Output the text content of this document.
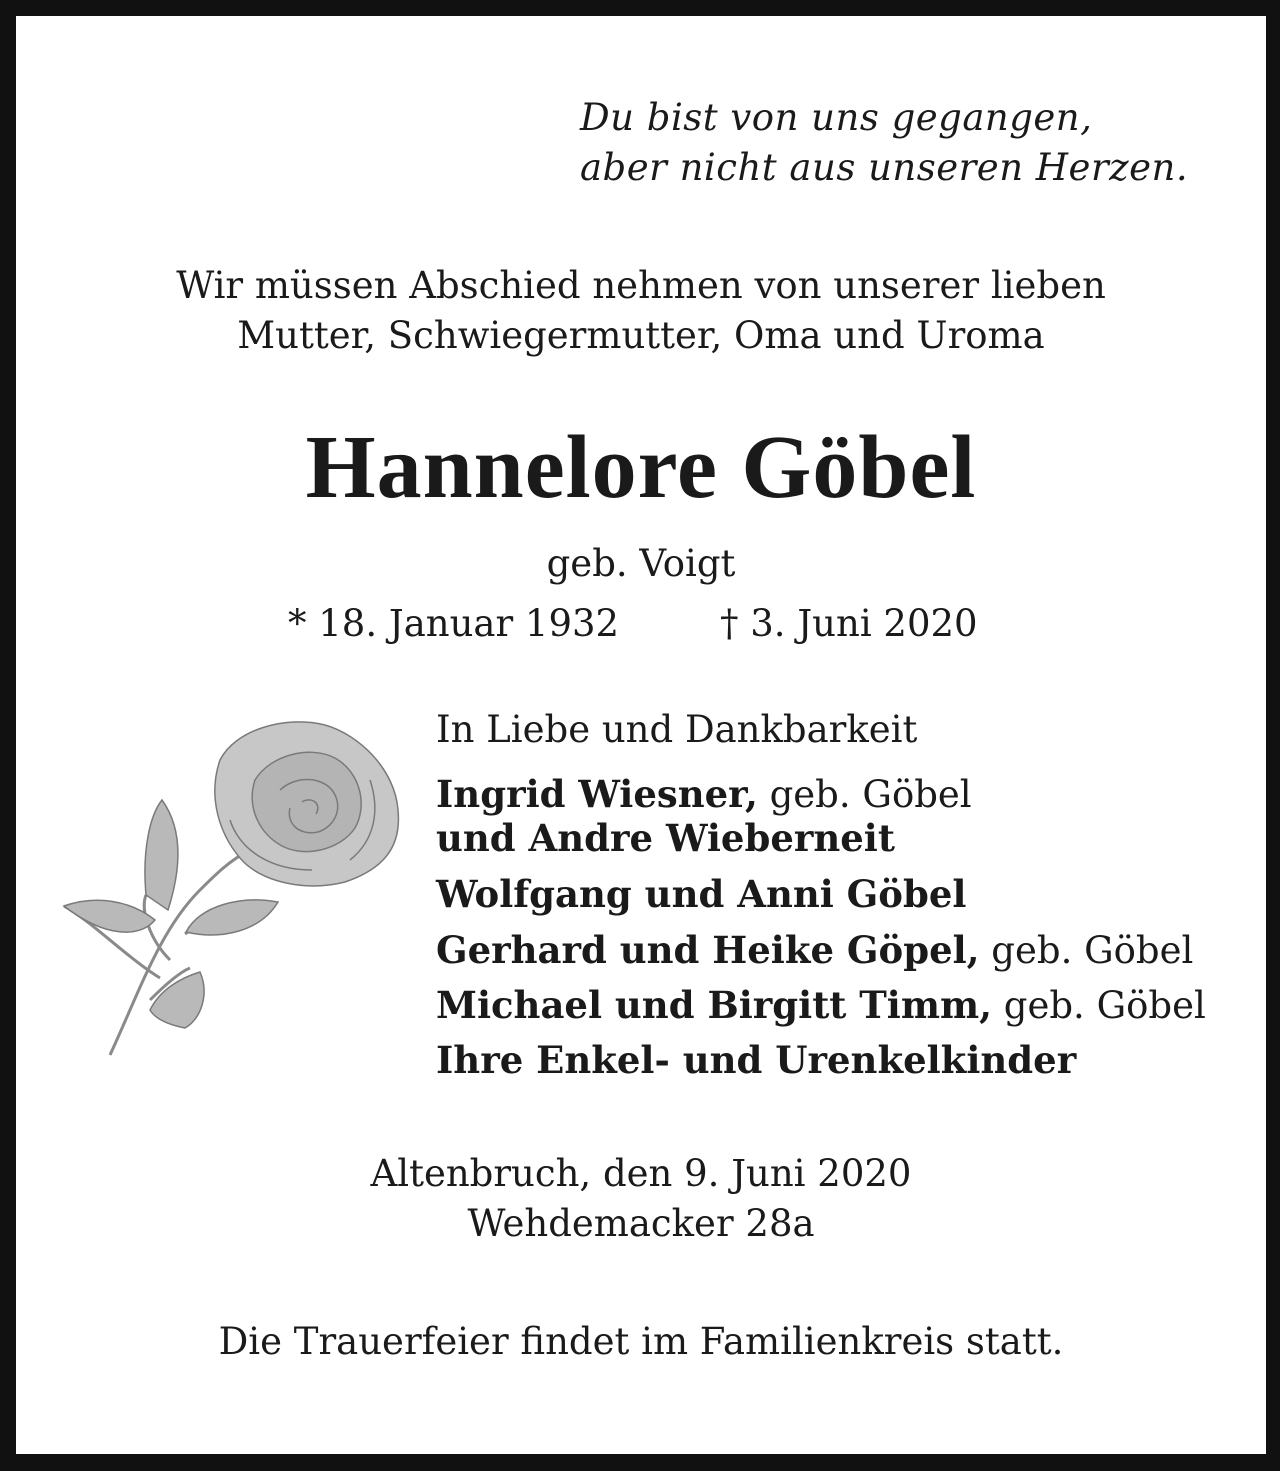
Du bist von uns gegangen,
aber nicht aus unseren Herzen.
Wir müssen Abschied nehmen von unserer lieben
Mutter, Schwiegermutter, Oma und Uroma
Hannelore Göbel
geb. Voigt
* 18. Januar 1932	† 3. Juni 2020
In Liebe und Dankbarkeit
Ingrid Wiesner, geb. Göbel
und Andre Wieberneit
Wolfgang und Anni Göbel
Gerhard und Heike Göpel, geb. Göbel
Michael und Birgitt Timm, geb. Göbel
Ihre Enkel- und Urenkelkinder
Altenbruch, den 9. Juni 2020
Wehdemacker 28a
Die Trauerfeier findet im Familienkreis statt.
